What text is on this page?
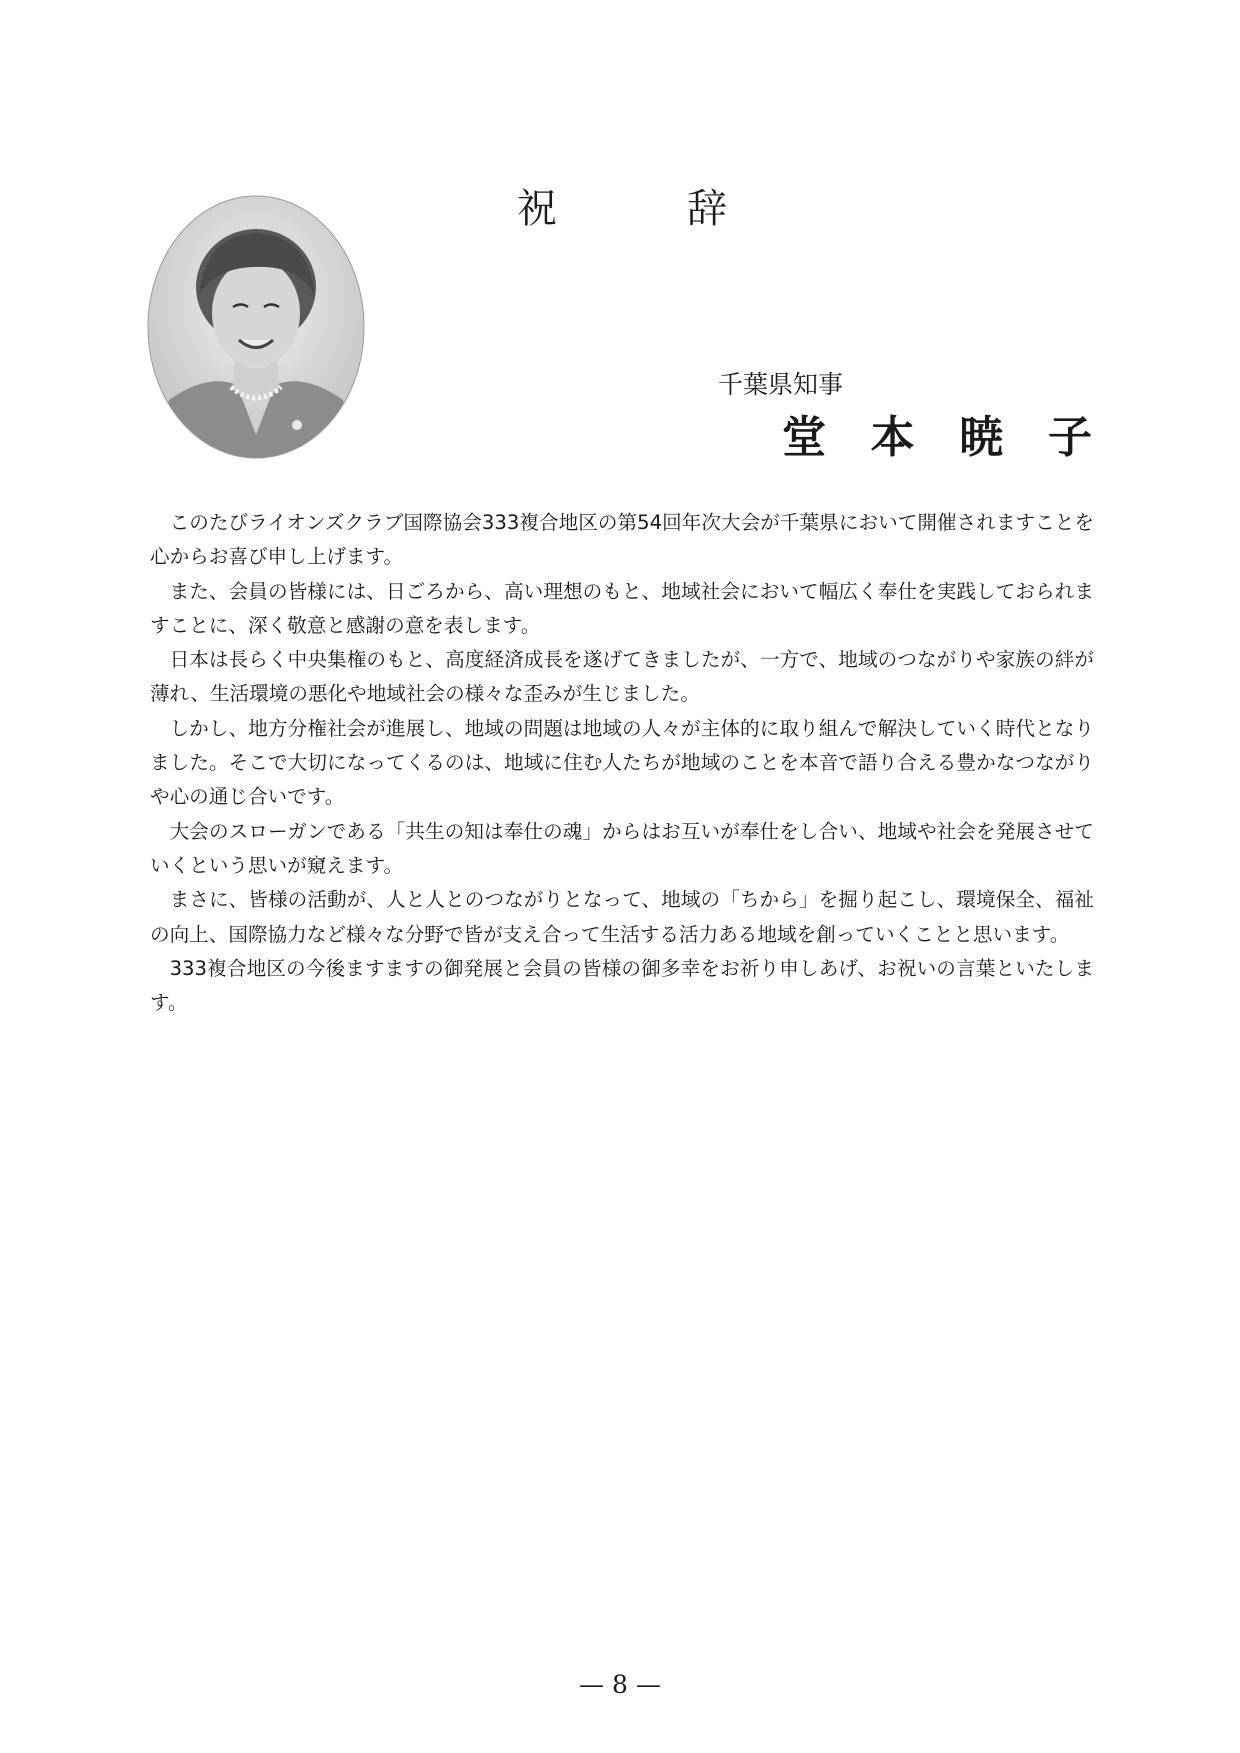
祝	辞
千葉県知事
堂 本 暁 子

このたびライオンズクラブ国際協会333複合地区の第54回年次大会が千葉県において開催されますことを心からお喜び申し上げます。

また、会員の皆様には、日ごろから、高い理想のもと、地域社会において幅広く奉仕を実践しておられますことに、深く敬意と感謝の意を表します。

日本は長らく中央集権のもと、高度経済成長を遂げてきましたが、一方で、地域のつながりや家族の絆が薄れ、生活環境の悪化や地域社会の様々な歪みが生じました。

しかし、地方分権社会が進展し、地域の問題は地域の人々が主体的に取り組んで解決していく時代となりました。そこで大切になってくるのは、地域に住む人たちが地域のことを本音で語り合える豊かなつながりや心の通じ合いです。

大会のスローガンである「共生の知は奉仕の魂」からはお互いが奉仕をし合い、地域や社会を発展させていくという思いが窺えます。

まさに、皆様の活動が、人と人とのつながりとなって、地域の「ちから」を掘り起こし、環境保全、福祉の向上、国際協力など様々な分野で皆が支え合って生活する活力ある地域を創っていくことと思います。

333複合地区の今後ますますの御発展と会員の皆様の御多幸をお祈り申しあげ、お祝いの言葉といたします。

— 8 —
